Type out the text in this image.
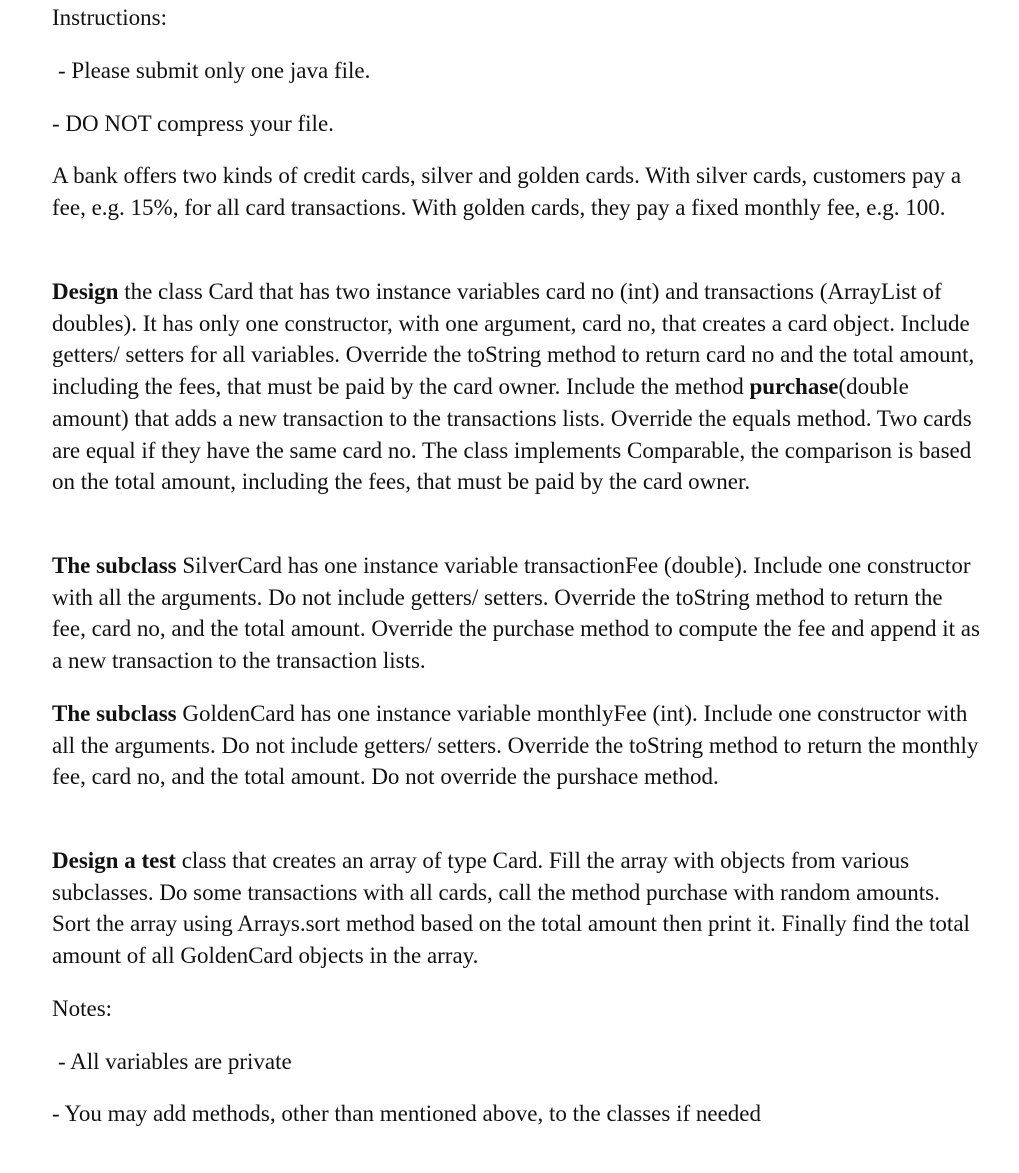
Instructions:

- Please submit only one java file.

- DO NOT compress your file.

A bank offers two kinds of credit cards, silver and golden cards. With silver cards, customers pay a fee, e.g. 15%, for all card transactions. With golden cards, they pay a fixed monthly fee, e.g. 100.

Design the class Card that has two instance variables card no (int) and transactions (ArrayList of doubles). It has only one constructor, with one argument, card no, that creates a card object. Include getters/ setters for all variables. Override the toString method to return card no and the total amount, including the fees, that must be paid by the card owner. Include the method purchase(double amount) that adds a new transaction to the transactions lists. Override the equals method. Two cards are equal if they have the same card no. The class implements Comparable, the comparison is based on the total amount, including the fees, that must be paid by the card owner.

The subclass SilverCard has one instance variable transactionFee (double). Include one constructor with all the arguments. Do not include getters/ setters. Override the toString method to return the fee, card no, and the total amount. Override the purchase method to compute the fee and append it as a new transaction to the transaction lists.

The subclass GoldenCard has one instance variable monthlyFee (int). Include one constructor with all the arguments. Do not include getters/ setters. Override the toString method to return the monthly fee, card no, and the total amount. Do not override the purshace method.

Design a test class that creates an array of type Card. Fill the array with objects from various subclasses. Do some transactions with all cards, call the method purchase with random amounts. Sort the array using Arrays.sort method based on the total amount then print it. Finally find the total amount of all GoldenCard objects in the array.

Notes:

- All variables are private

- You may add methods, other than mentioned above, to the classes if needed
